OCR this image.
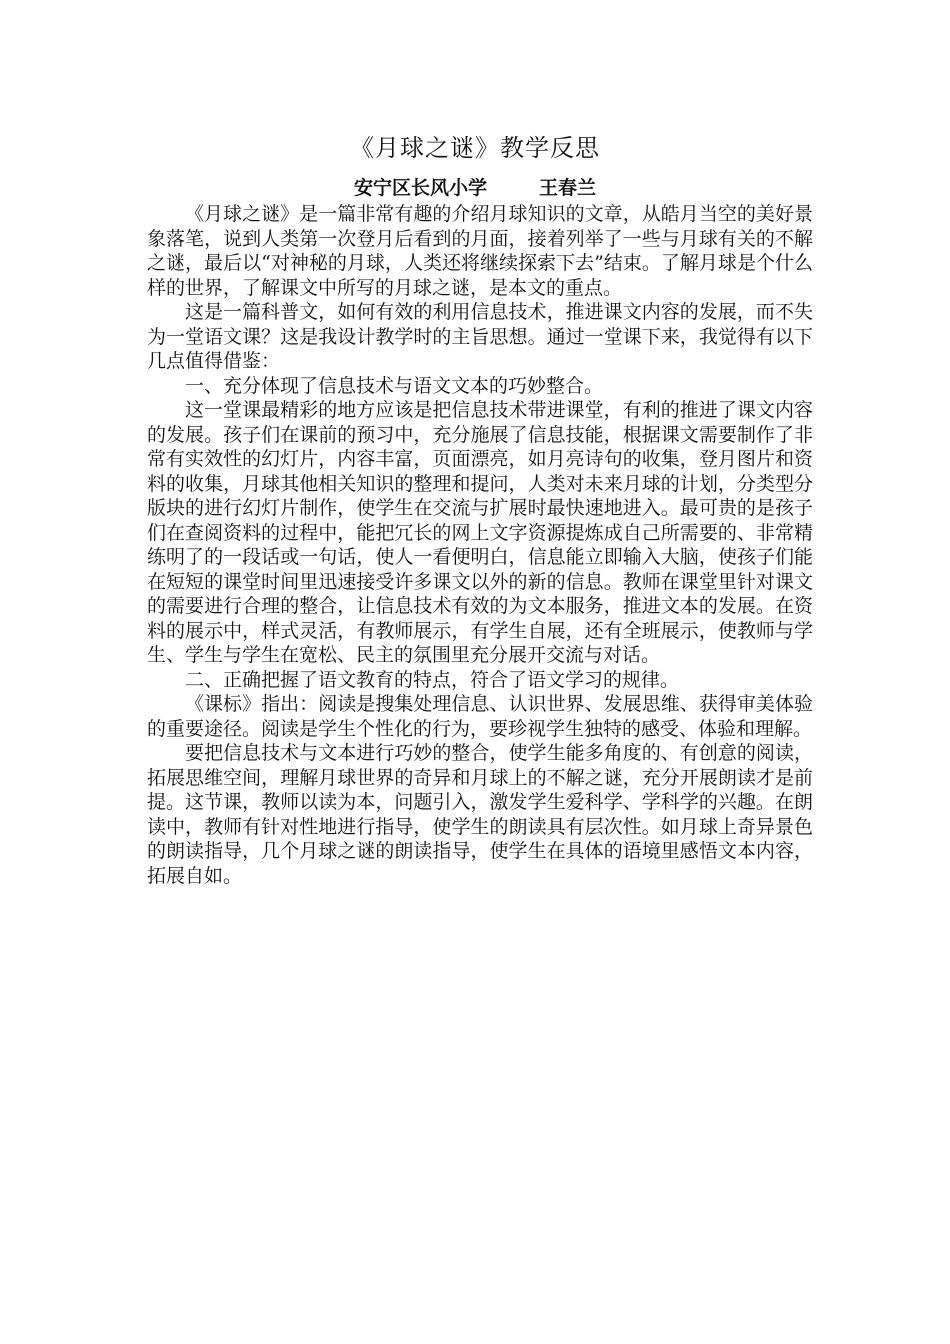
《月球之谜》教学反思
安宁区长风小学	王春兰

《月球之谜》是一篇非常有趣的介绍月球知识的文章，从皓月当空的美好景象落笔，说到人类第一次登月后看到的月面，接着列举了一些与月球有关的不解之谜，最后以“对神秘的月球，人类还将继续探索下去”结束。了解月球是个什么样的世界，了解课文中所写的月球之谜，是本文的重点。

这是一篇科普文，如何有效的利用信息技术，推进课文内容的发展，而不失为一堂语文课？这是我设计教学时的主旨思想。通过一堂课下来，我觉得有以下几点值得借鉴：

一、充分体现了信息技术与语文文本的巧妙整合。

这一堂课最精彩的地方应该是把信息技术带进课堂，有利的推进了课文内容的发展。孩子们在课前的预习中，充分施展了信息技能，根据课文需要制作了非常有实效性的幻灯片，内容丰富，页面漂亮，如月亮诗句的收集，登月图片和资料的收集，月球其他相关知识的整理和提问，人类对未来月球的计划，分类型分版块的进行幻灯片制作，使学生在交流与扩展时最快速地进入。最可贵的是孩子们在查阅资料的过程中，能把冗长的网上文字资源提炼成自己所需要的、非常精练明了的一段话或一句话，使人一看便明白，信息能立即输入大脑，使孩子们能在短短的课堂时间里迅速接受许多课文以外的新的信息。教师在课堂里针对课文的需要进行合理的整合，让信息技术有效的为文本服务，推进文本的发展。在资料的展示中，样式灵活，有教师展示，有学生自展，还有全班展示，使教师与学生、学生与学生在宽松、民主的氛围里充分展开交流与对话。

二、正确把握了语文教育的特点，符合了语文学习的规律。

《课标》指出：阅读是搜集处理信息、认识世界、发展思维、获得审美体验的重要途径。阅读是学生个性化的行为，要珍视学生独特的感受、体验和理解。

要把信息技术与文本进行巧妙的整合，使学生能多角度的、有创意的阅读，拓展思维空间，理解月球世界的奇异和月球上的不解之谜，充分开展朗读才是前提。这节课，教师以读为本，问题引入，激发学生爱科学、学科学的兴趣。在朗读中，教师有针对性地进行指导，使学生的朗读具有层次性。如月球上奇异景色的朗读指导，几个月球之谜的朗读指导，使学生在具体的语境里感悟文本内容，拓展自如。
